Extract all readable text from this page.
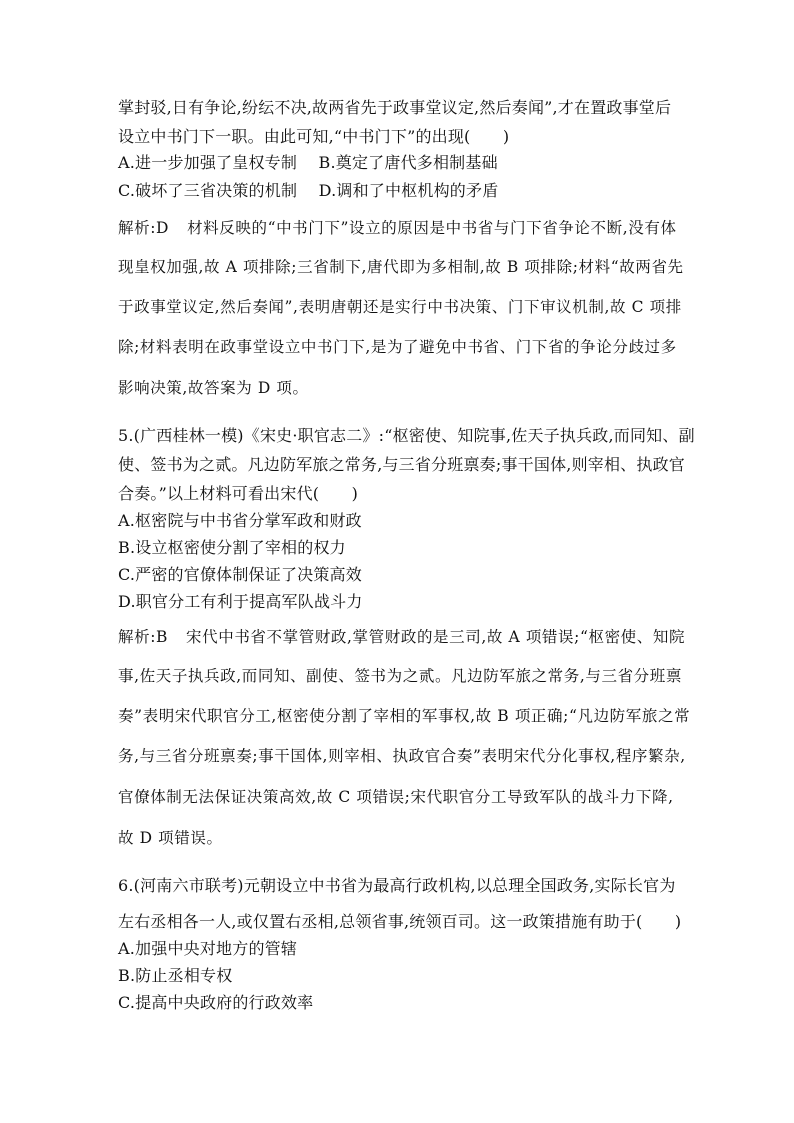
掌封驳,日有争论,纷纭不决,故两省先于政事堂议定,然后奏闻”,才在置政事堂后
设立中书门下一职。由此可知,“中书门下”的出现(　　)
A.进一步加强了皇权专制　 B.奠定了唐代多相制基础
C.破坏了三省决策的机制　 D.调和了中枢机构的矛盾
解析:D 材料反映的“中书门下”设立的原因是中书省与门下省争论不断,没有体
现皇权加强,故 A 项排除;三省制下,唐代即为多相制,故 B 项排除;材料“故两省先
于政事堂议定,然后奏闻”,表明唐朝还是实行中书决策、门下审议机制,故 C 项排
除;材料表明在政事堂设立中书门下,是为了避免中书省、门下省的争论分歧过多
影响决策,故答案为 D 项。
5.(广西桂林一模)《宋史·职官志二》:“枢密使、知院事,佐天子执兵政,而同知、副
使、签书为之贰。凡边防军旅之常务,与三省分班禀奏;事干国体,则宰相、执政官
合奏。”以上材料可看出宋代(　　)
A.枢密院与中书省分掌军政和财政
B.设立枢密使分割了宰相的权力
C.严密的官僚体制保证了决策高效
D.职官分工有利于提高军队战斗力
解析:B 宋代中书省不掌管财政,掌管财政的是三司,故 A 项错误;“枢密使、知院
事,佐天子执兵政,而同知、副使、签书为之贰。凡边防军旅之常务,与三省分班禀
奏”表明宋代职官分工,枢密使分割了宰相的军事权,故 B 项正确;“凡边防军旅之常
务,与三省分班禀奏;事干国体,则宰相、执政官合奏”表明宋代分化事权,程序繁杂,
官僚体制无法保证决策高效,故 C 项错误;宋代职官分工导致军队的战斗力下降,
故 D 项错误。
6.(河南六市联考)元朝设立中书省为最高行政机构,以总理全国政务,实际长官为
左右丞相各一人,或仅置右丞相,总领省事,统领百司。这一政策措施有助于(　　)
A.加强中央对地方的管辖
B.防止丞相专权
C.提高中央政府的行政效率
